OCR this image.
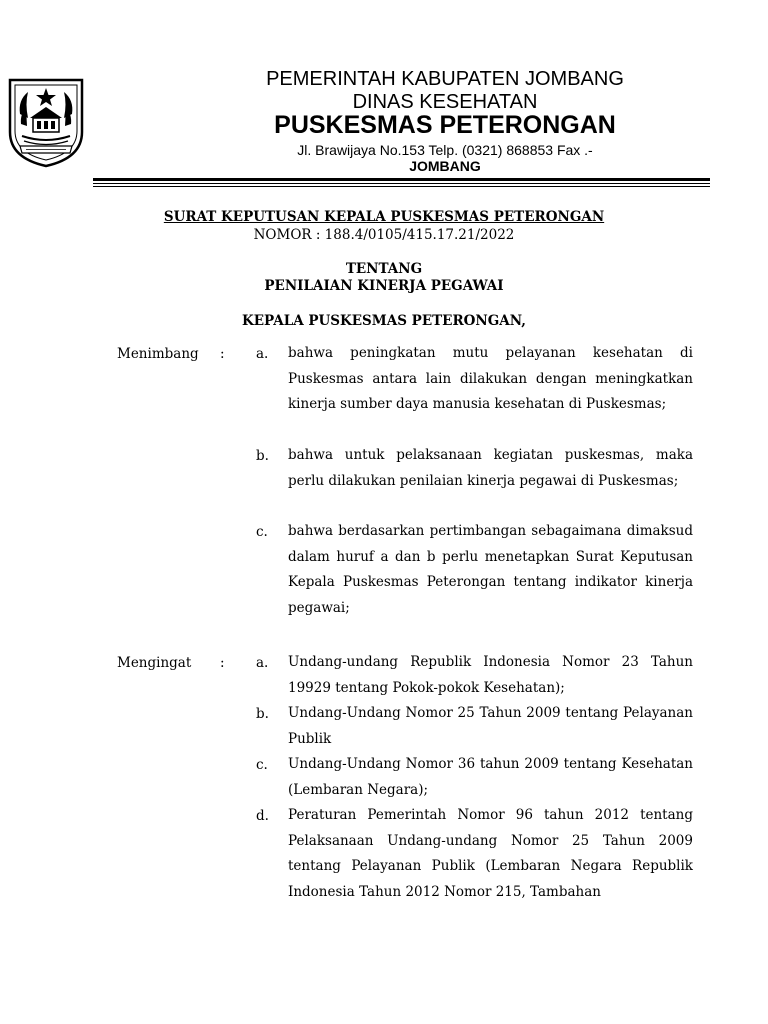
PEMERINTAH KABUPATEN JOMBANG
DINAS KESEHATAN
PUSKESMAS PETERONGAN
Jl. Brawijaya No.153 Telp. (0321) 868853 Fax .-
JOMBANG
SURAT KEPUTUSAN KEPALA PUSKESMAS PETERONGAN
NOMOR : 188.4/0105/415.17.21/2022
TENTANG
PENILAIAN KINERJA PEGAWAI
KEPALA PUSKESMAS PETERONGAN,
Menimbang : a. bahwa peningkatan mutu pelayanan kesehatan di Puskesmas antara lain dilakukan dengan meningkatkan kinerja sumber daya manusia kesehatan di Puskesmas;

b. bahwa untuk pelaksanaan kegiatan puskesmas, maka perlu dilakukan penilaian kinerja pegawai di Puskesmas;

c. bahwa berdasarkan pertimbangan sebagaimana dimaksud dalam huruf a dan b perlu menetapkan Surat Keputusan Kepala Puskesmas Peterongan tentang indikator kinerja pegawai;

Mengingat : a. Undang-undang Republik Indonesia Nomor 23 Tahun 19929 tentang Pokok-pokok Kesehatan);

b. Undang-Undang Nomor 25 Tahun 2009 tentang Pelayanan Publik

c. Undang-Undang Nomor 36 tahun 2009 tentang Kesehatan (Lembaran Negara);

d. Peraturan Pemerintah Nomor 96 tahun 2012 tentang Pelaksanaan Undang-undang Nomor 25 Tahun 2009 tentang Pelayanan Publik (Lembaran Negara Republik Indonesia Tahun 2012 Nomor 215, Tambahan
